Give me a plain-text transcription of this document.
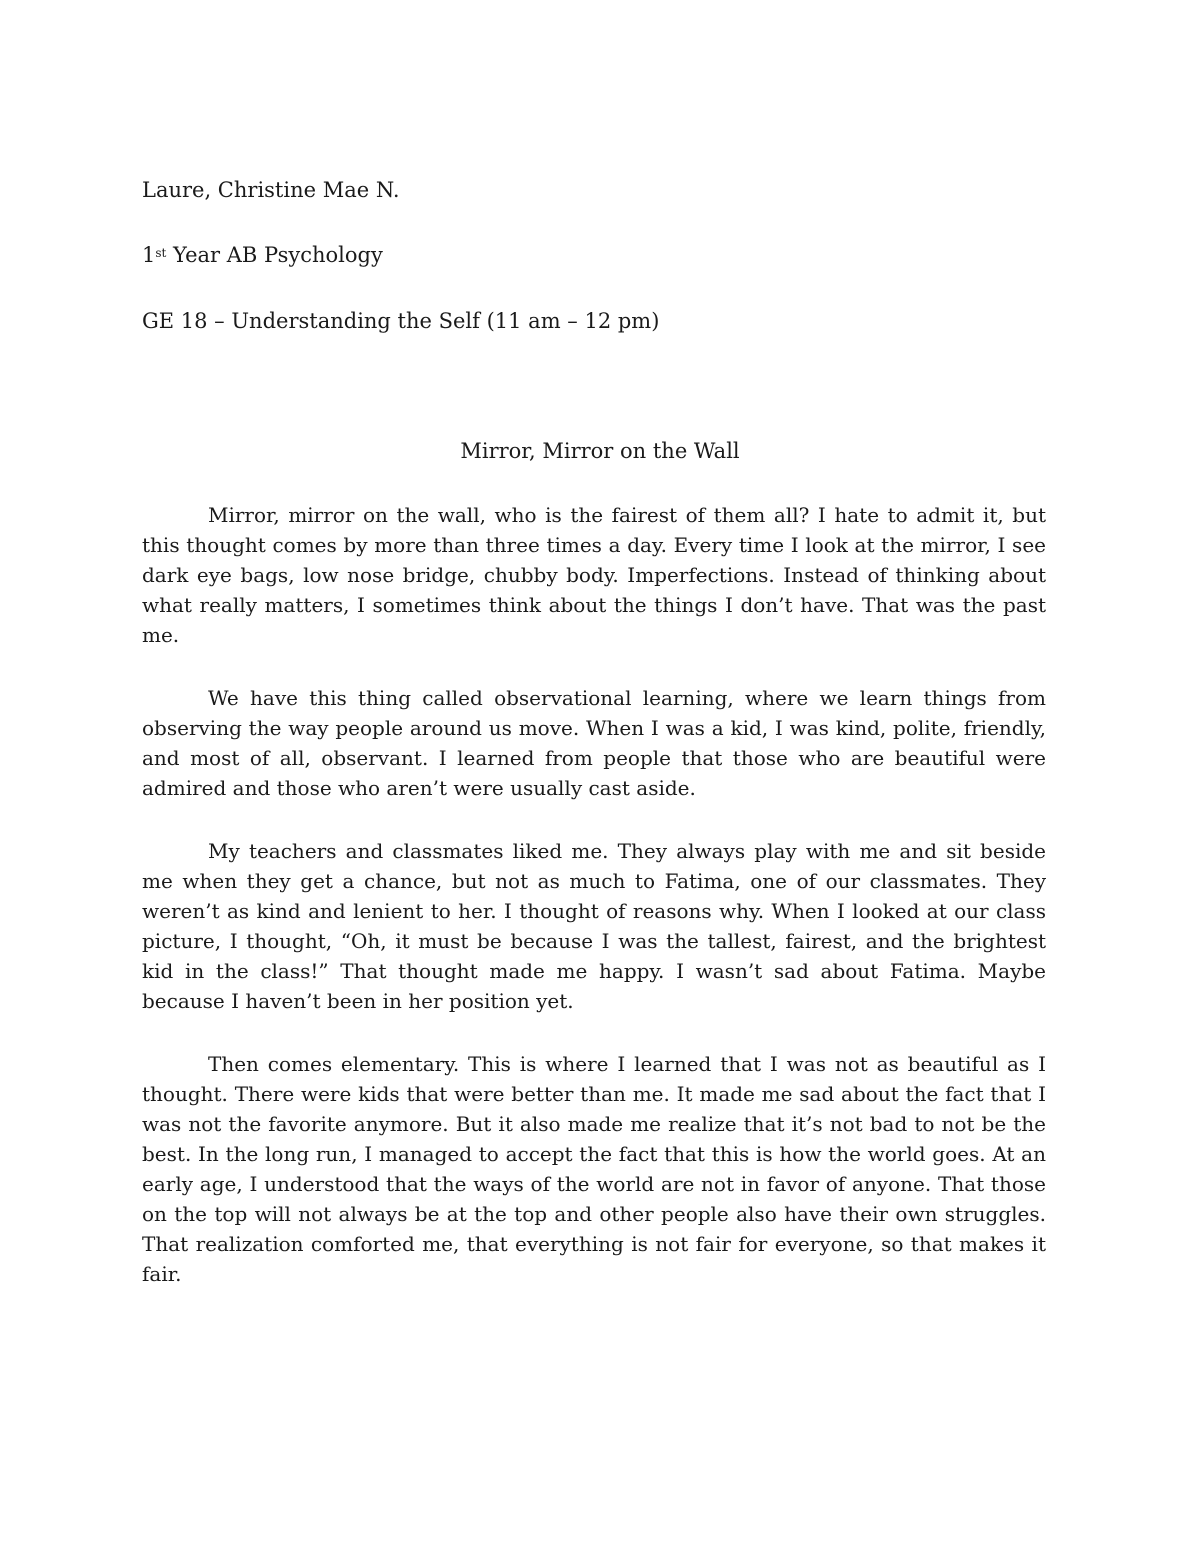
Laure, Christine Mae N.

1st Year AB Psychology

GE 18 – Understanding the Self (11 am – 12 pm)

Mirror, Mirror on the Wall

Mirror, mirror on the wall, who is the fairest of them all? I hate to admit it, but this thought comes by more than three times a day. Every time I look at the mirror, I see dark eye bags, low nose bridge, chubby body. Imperfections. Instead of thinking about what really matters, I sometimes think about the things I don’t have. That was the past me.

We have this thing called observational learning, where we learn things from observing the way people around us move. When I was a kid, I was kind, polite, friendly, and most of all, observant. I learned from people that those who are beautiful were admired and those who aren’t were usually cast aside.

My teachers and classmates liked me. They always play with me and sit beside me when they get a chance, but not as much to Fatima, one of our classmates. They weren’t as kind and lenient to her. I thought of reasons why. When I looked at our class picture, I thought, “Oh, it must be because I was the tallest, fairest, and the brightest kid in the class!” That thought made me happy. I wasn’t sad about Fatima. Maybe because I haven’t been in her position yet.

Then comes elementary. This is where I learned that I was not as beautiful as I thought. There were kids that were better than me. It made me sad about the fact that I was not the favorite anymore. But it also made me realize that it’s not bad to not be the best. In the long run, I managed to accept the fact that this is how the world goes. At an early age, I understood that the ways of the world are not in favor of anyone. That those on the top will not always be at the top and other people also have their own struggles. That realization comforted me, that everything is not fair for everyone, so that makes it fair.
